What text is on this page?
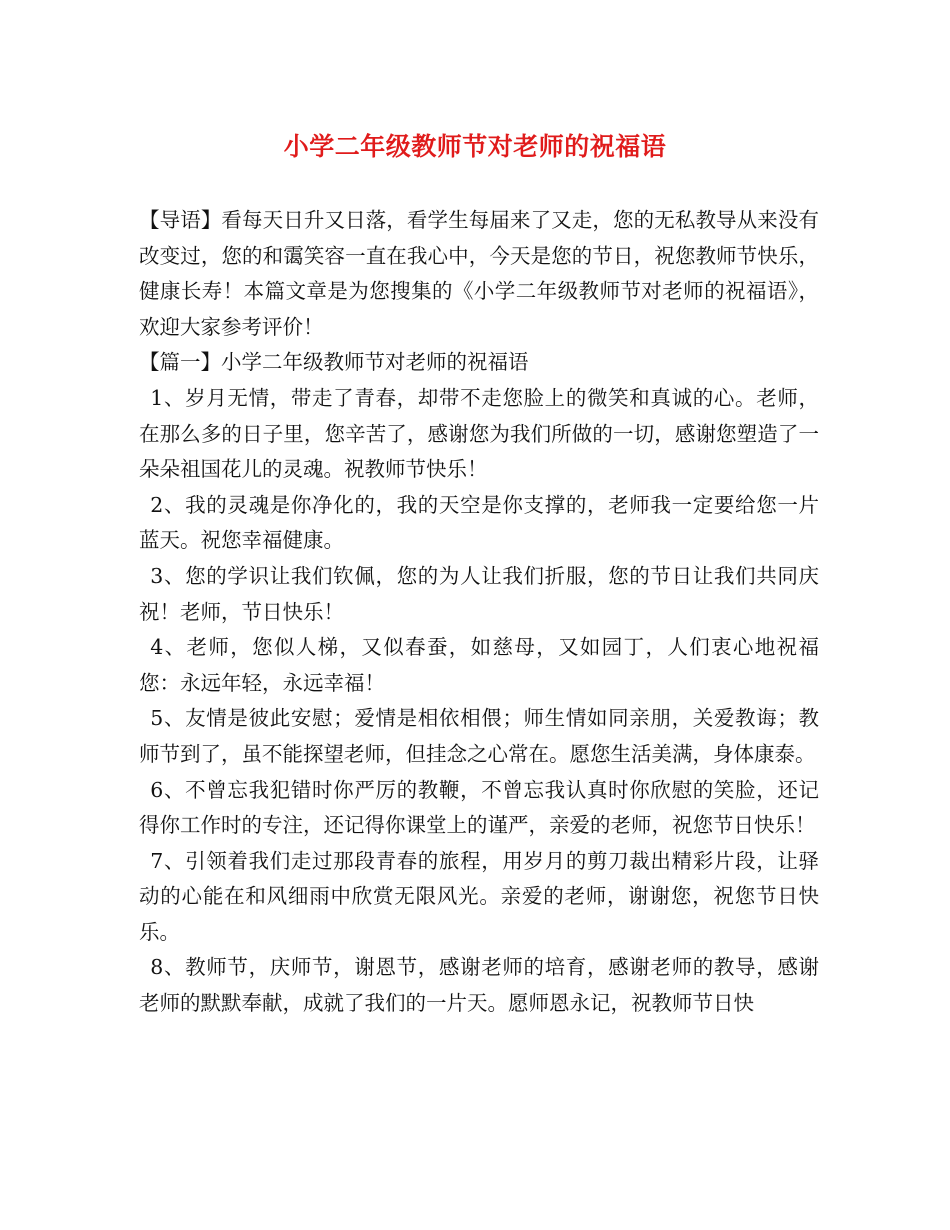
小学二年级教师节对老师的祝福语

【导语】看每天日升又日落，看学生每届来了又走，您的无私教导从来没有改变过，您的和霭笑容一直在我心中，今天是您的节日，祝您教师节快乐，健康长寿！本篇文章是为您搜集的《小学二年级教师节对老师的祝福语》，欢迎大家参考评价！

【篇一】小学二年级教师节对老师的祝福语

1、岁月无情，带走了青春，却带不走您脸上的微笑和真诚的心。老师，在那么多的日子里，您辛苦了，感谢您为我们所做的一切，感谢您塑造了一朵朵祖国花儿的灵魂。祝教师节快乐！

2、我的灵魂是你净化的，我的天空是你支撑的，老师我一定要给您一片蓝天。祝您幸福健康。

3、您的学识让我们钦佩，您的为人让我们折服，您的节日让我们共同庆祝！老师，节日快乐！

4、老师，您似人梯，又似春蚕，如慈母，又如园丁，人们衷心地祝福您：永远年轻，永远幸福！

5、友情是彼此安慰；爱情是相依相偎；师生情如同亲朋，关爱教诲；教师节到了，虽不能探望老师，但挂念之心常在。愿您生活美满，身体康泰。

6、不曾忘我犯错时你严厉的教鞭，不曾忘我认真时你欣慰的笑脸，还记得你工作时的专注，还记得你课堂上的谨严，亲爱的老师，祝您节日快乐！

7、引领着我们走过那段青春的旅程，用岁月的剪刀裁出精彩片段，让驿动的心能在和风细雨中欣赏无限风光。亲爱的老师，谢谢您，祝您节日快乐。

8、教师节，庆师节，谢恩节，感谢老师的培育，感谢老师的教导，感谢老师的默默奉献，成就了我们的一片天。愿师恩永记，祝教师节日快
